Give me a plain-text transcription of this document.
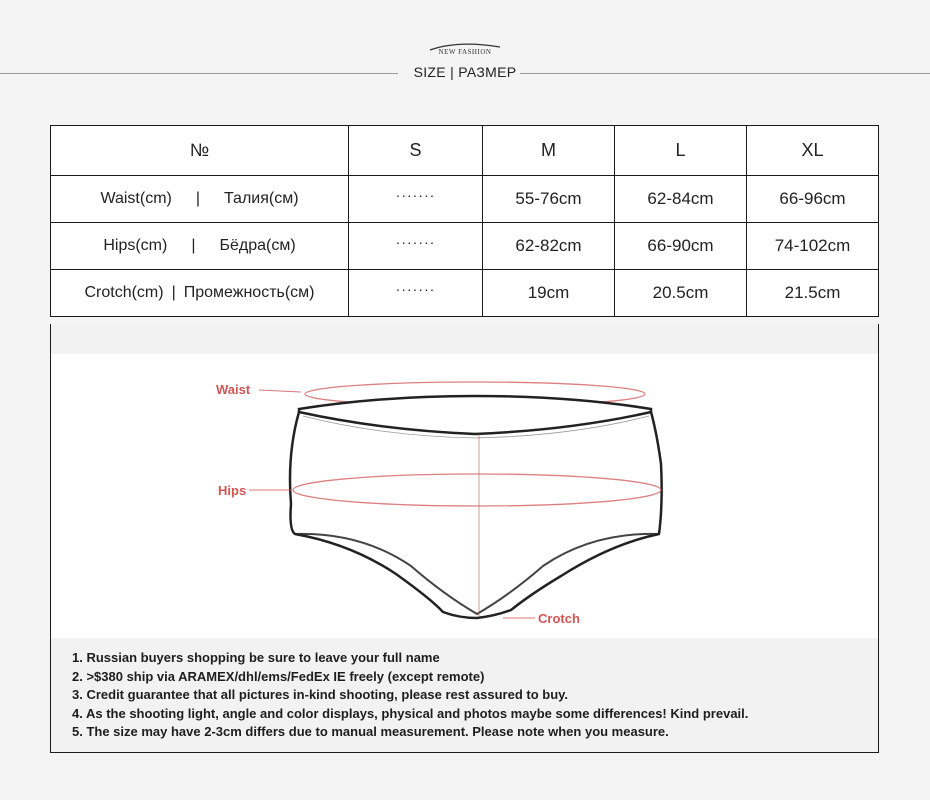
NEW FASHION
SIZE | РАЗМЕР
№	S	M	L	XL
Waist(cm) | Талия(см)	·······	55-76cm	62-84cm	66-96cm
Hips(cm) | Бёдра(см)	·······	62-82cm	66-90cm	74-102cm
Crotch(cm) | Промежность(см)	·······	19cm	20.5cm	21.5cm
Waist
Hips
Crotch
1. Russian buyers shopping be sure to leave your full name
2. >$380 ship via ARAMEX/dhl/ems/FedEx IE freely (except remote)
3. Credit guarantee that all pictures in-kind shooting, please rest assured to buy.
4. As the shooting light, angle and color displays, physical and photos maybe some differences! Kind prevail.
5. The size may have 2-3cm differs due to manual measurement. Please note when you measure.
